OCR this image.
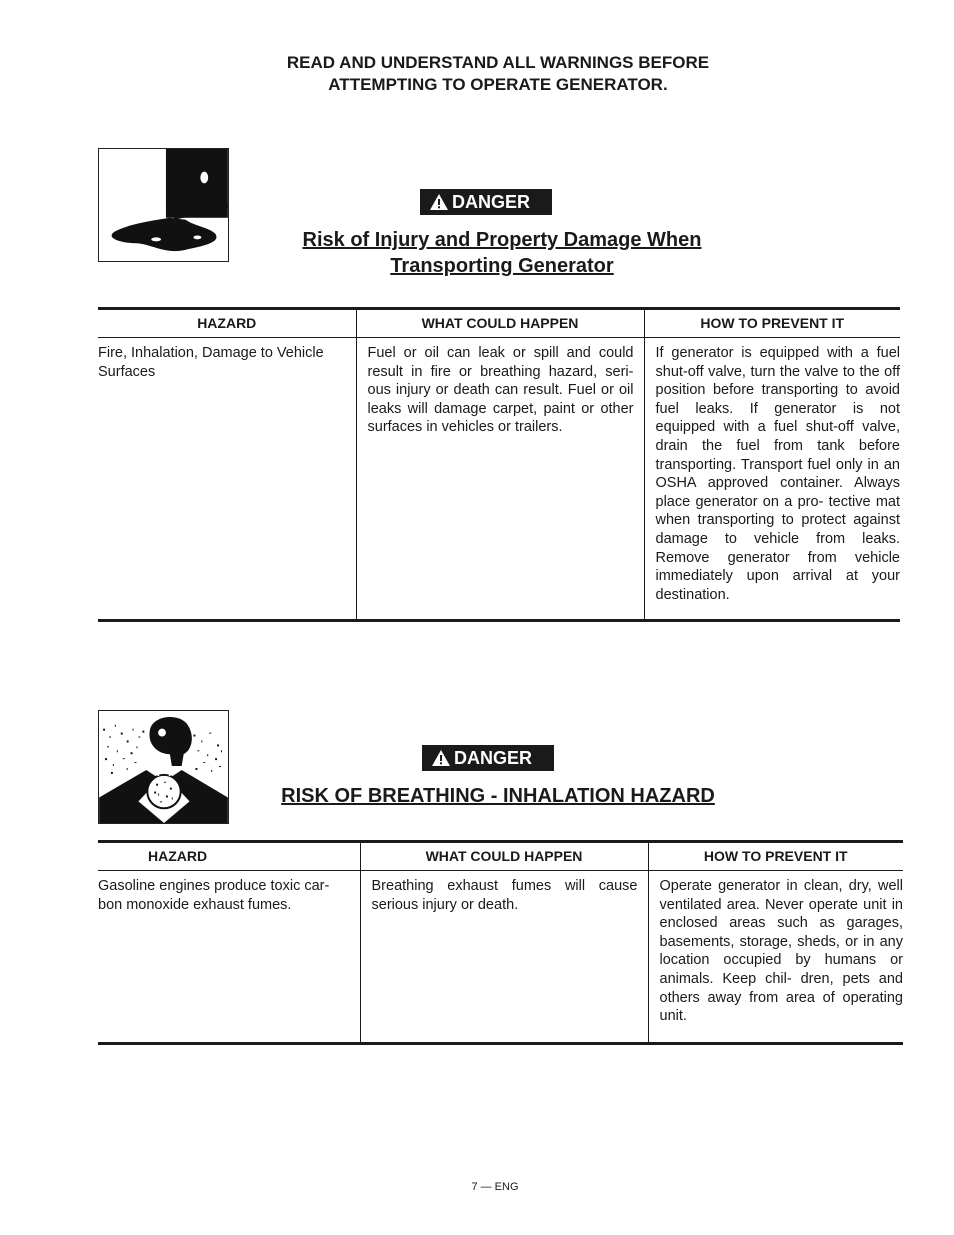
READ AND UNDERSTAND ALL WARNINGS BEFORE
ATTEMPTING TO OPERATE GENERATOR.
DANGER
Risk of Injury and Property Damage When
Transporting Generator
HAZARD	WHAT COULD HAPPEN	HOW TO PREVENT IT
Fire, Inhalation, Damage to Vehicle Surfaces	Fuel or oil can leak or spill and could result in fire or breathing hazard, seri- ous injury or death can result. Fuel or oil leaks will damage carpet, paint or other surfaces in vehicles or trailers.	If generator is equipped with a fuel shut-off valve, turn the valve to the off position before transporting to avoid fuel leaks. If generator is not equipped with a fuel shut-off valve, drain the fuel from tank before transporting. Transport fuel only in an OSHA approved container. Always place generator on a pro- tective mat when transporting to protect against damage to vehicle from leaks. Remove generator from vehicle immediately upon arrival at your destination.
DANGER
RISK OF BREATHING - INHALATION HAZARD
HAZARD	WHAT COULD HAPPEN	HOW TO PREVENT IT
Gasoline engines produce toxic car- bon monoxide exhaust fumes.	Breathing exhaust fumes will cause serious injury or death.	Operate generator in clean, dry, well ventilated area. Never operate unit in enclosed areas such as garages, basements, storage, sheds, or in any location occupied by humans or animals. Keep chil- dren, pets and others away from area of operating unit.
7 — ENG
